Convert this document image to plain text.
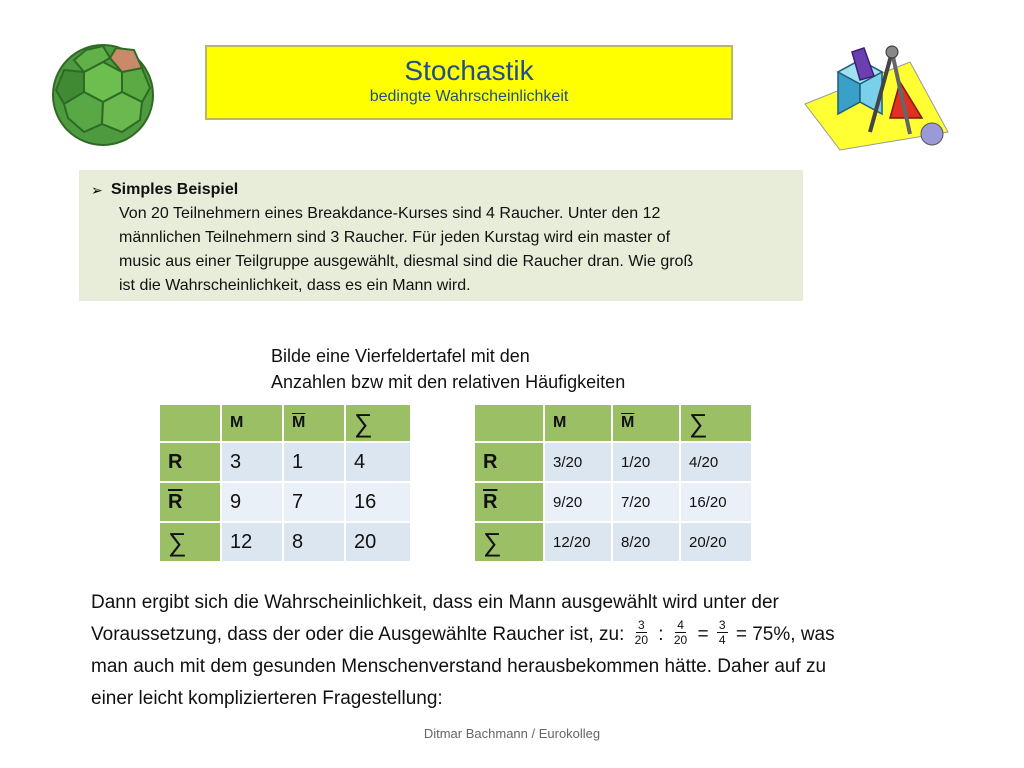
Stochastik
bedingte Wahrscheinlichkeit
➢ Simples Beispiel
Von 20 Teilnehmern eines Breakdance-Kurses sind 4 Raucher. Unter den 12
männlichen Teilnehmern sind 3 Raucher. Für jeden Kurstag wird ein master of
music aus einer Teilgruppe ausgewählt, diesmal sind die Raucher dran. Wie groß
ist die Wahrscheinlichkeit, dass es ein Mann wird.
Bilde eine Vierfeldertafel mit den
Anzahlen bzw mit den relativen Häufigkeiten
	M	$\overline{M}$	∑
R	3	1	4
$\overline{R}$	9	7	16
∑	12	8	20
	M	$\overline{M}$	∑
R	3/20	1/20	4/20
$\overline{R}$	9/20	7/20	16/20
∑	12/20	8/20	20/20
Dann ergibt sich die Wahrscheinlichkeit, dass ein Mann ausgewählt wird unter der
Voraussetzung, dass der oder die Ausgewählte Raucher ist, zu: $\frac{3}{20}$ : $\frac{4}{20} = \frac{3}{4} = 75\%$, was
man auch mit dem gesunden Menschenverstand herausbekommen hätte. Daher auf zu
einer leicht komplizierteren Fragestellung:
Ditmar Bachmann / Eurokolleg
